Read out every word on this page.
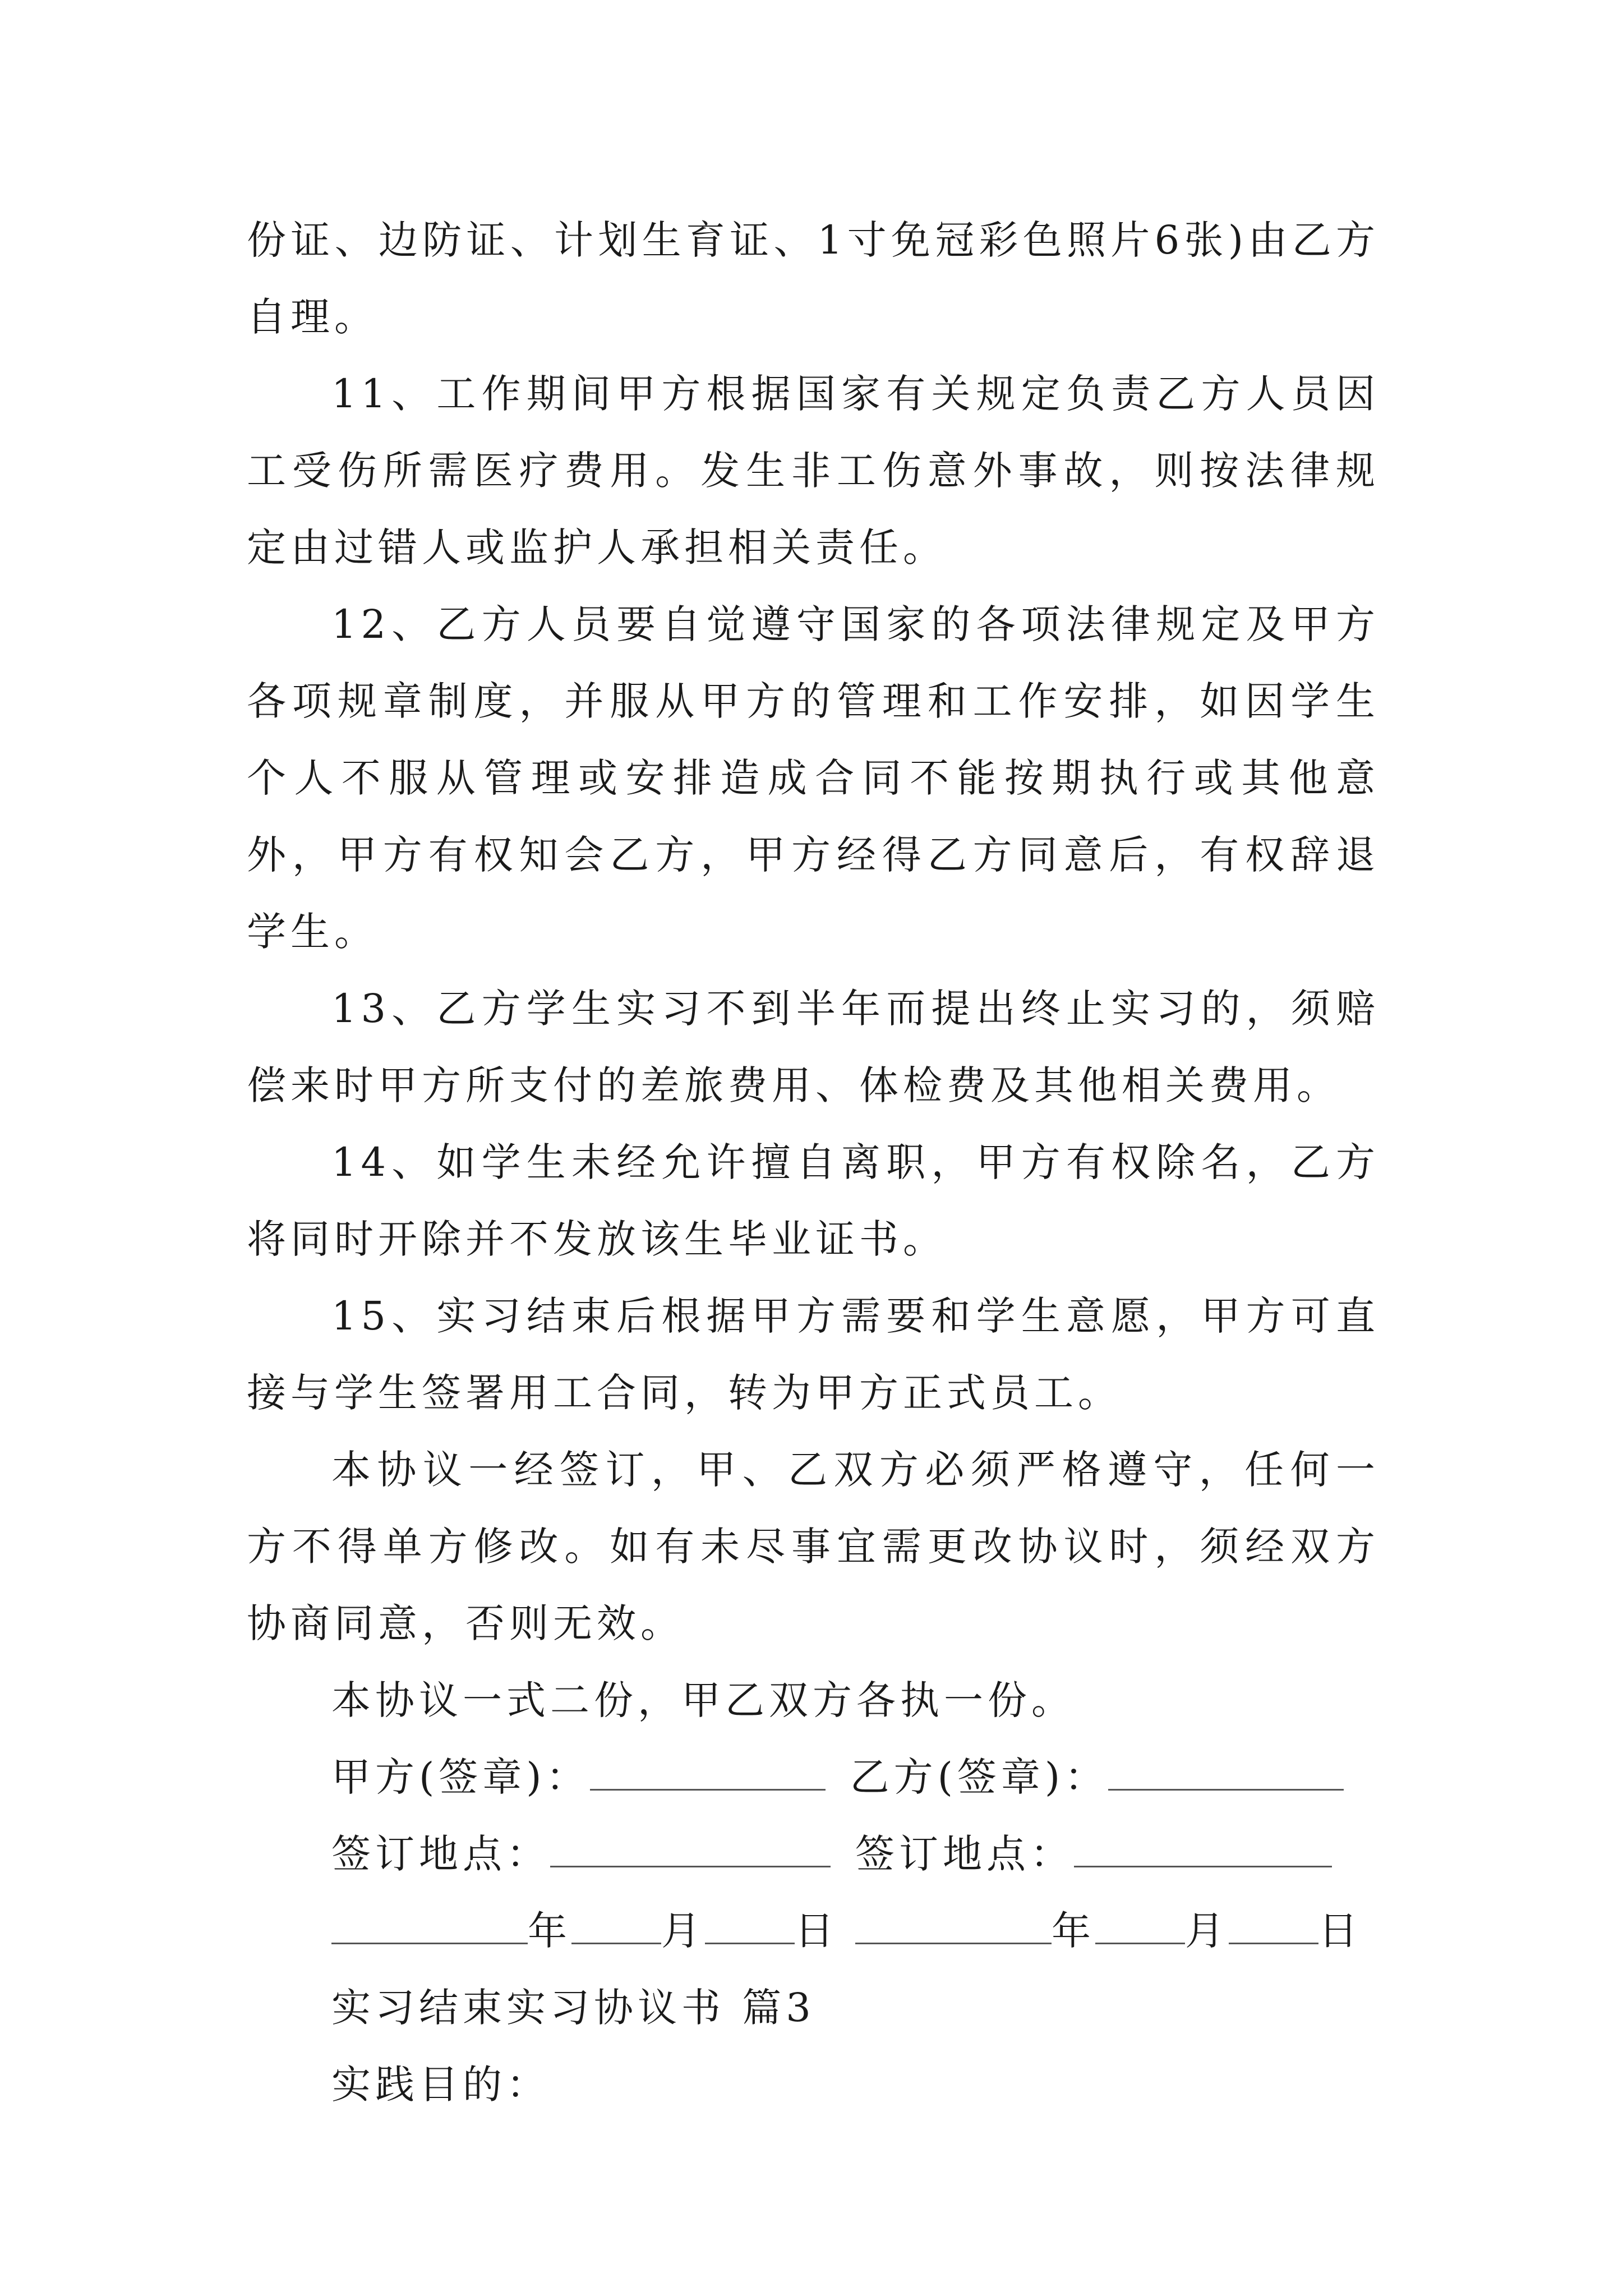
份证、边防证、计划生育证、1寸免冠彩色照片6张)由乙方自理。

11、工作期间甲方根据国家有关规定负责乙方人员因工受伤所需医疗费用。发生非工伤意外事故，则按法律规定由过错人或监护人承担相关责任。

12、乙方人员要自觉遵守国家的各项法律规定及甲方各项规章制度，并服从甲方的管理和工作安排，如因学生个人不服从管理或安排造成合同不能按期执行或其他意外，甲方有权知会乙方，甲方经得乙方同意后，有权辞退学生。

13、乙方学生实习不到半年而提出终止实习的，须赔偿来时甲方所支付的差旅费用、体检费及其他相关费用。

14、如学生未经允许擅自离职，甲方有权除名，乙方将同时开除并不发放该生毕业证书。

15、实习结束后根据甲方需要和学生意愿，甲方可直接与学生签署用工合同，转为甲方正式员工。

本协议一经签订，甲、乙双方必须严格遵守，任何一方不得单方修改。如有未尽事宜需更改协议时，须经双方协商同意，否则无效。

本协议一式二份，甲乙双方各执一份。
甲方(签章)：	乙方(签章)：
签订地点：	签订地点：
年 月 日	年 月 日
实习结束实习协议书 篇3
实践目的：
